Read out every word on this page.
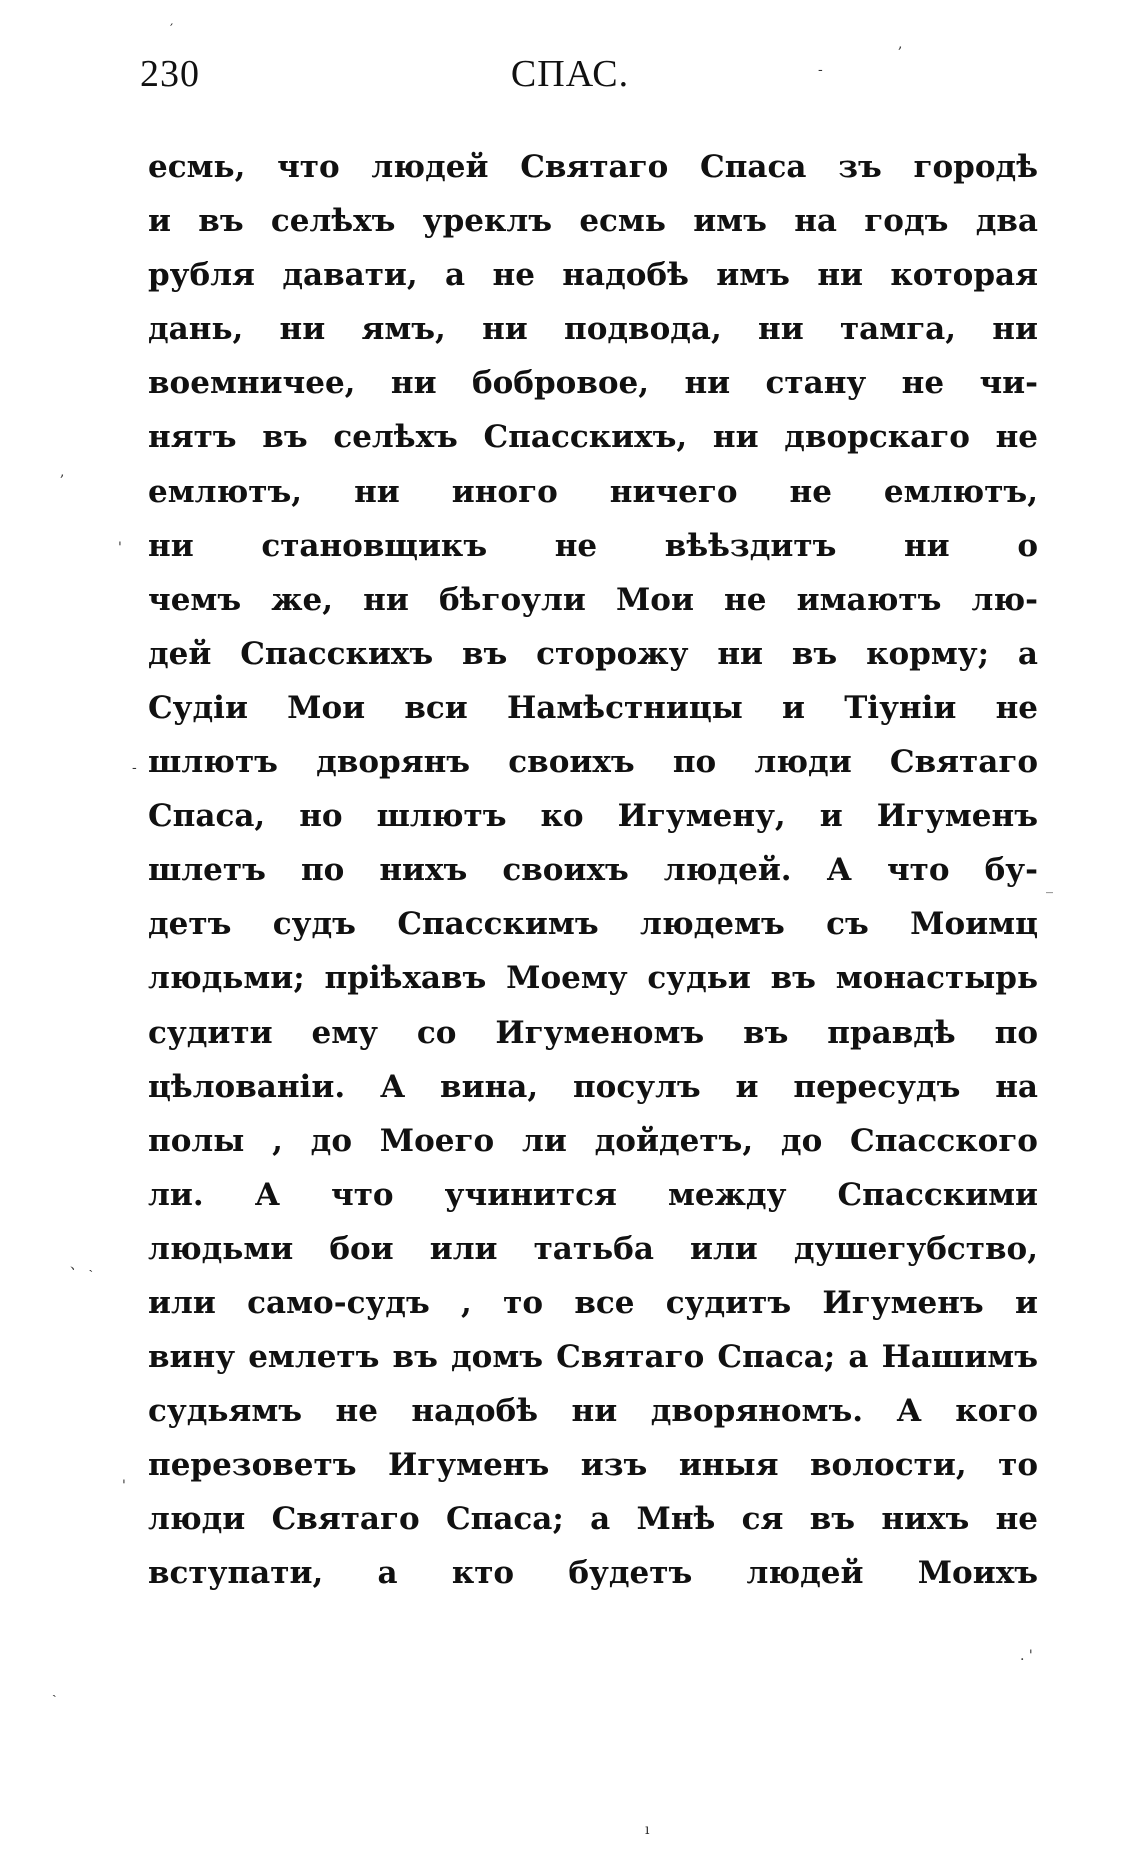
230	СПАС.
есмь, что людей Святаго Спаса зъ городѣ
и въ селѣхъ урeклъ есмь имъ на годъ два
рубля давати, а не надобѣ имъ ни которая
дань, ни ямъ, ни подвода, ни тамга, ни
воемничее, ни бобровое, ни стану не чи-
нятъ въ селѣхъ Спасскихъ, ни дворскаго не
емлютъ, ни иного ничего не емлютъ,
ни становщикъ не вѣѣздитъ ни о
чемъ же, ни бѣгоули Мои не имаютъ лю-
дей Спасскихъ въ сторожу ни въ корму; а
Судiи Мои вси Намѣстницы и Тiунiи не
шлютъ дворянъ своихъ по люди Святаго
Спаса, но шлютъ ко Игумену, и Игуменъ
шлетъ по нихъ своихъ людей. А что бу-
детъ судъ Спасскимъ людемъ съ Моимц
людьми; прiѣхавъ Моему судьи въ монастырь
судити ему со Игуменомъ въ правдѣ по
цѣлованiи. А вина, посулъ и пересудъ на
полы , до Моего ли дойдетъ, до Спасского
ли. А что учинится между Спасскими
людьми бои или татьба или душегубство,
или само-судъ , то все судитъ Игуменъ и
вину емлетъ въ домъ Святаго Спаса; а Нашимъ
судьямъ не надобѣ ни дворяномъ. А кого
перезоветъ Игуменъ изъ иныя волости, то
люди Святаго Спаса; а Мнѣ ся въ нихъ не
вступати, а кто будетъ людей Моихъ
′
,
-
,
'
-
_
、 ˎ
'
. '
ˎ
ı
